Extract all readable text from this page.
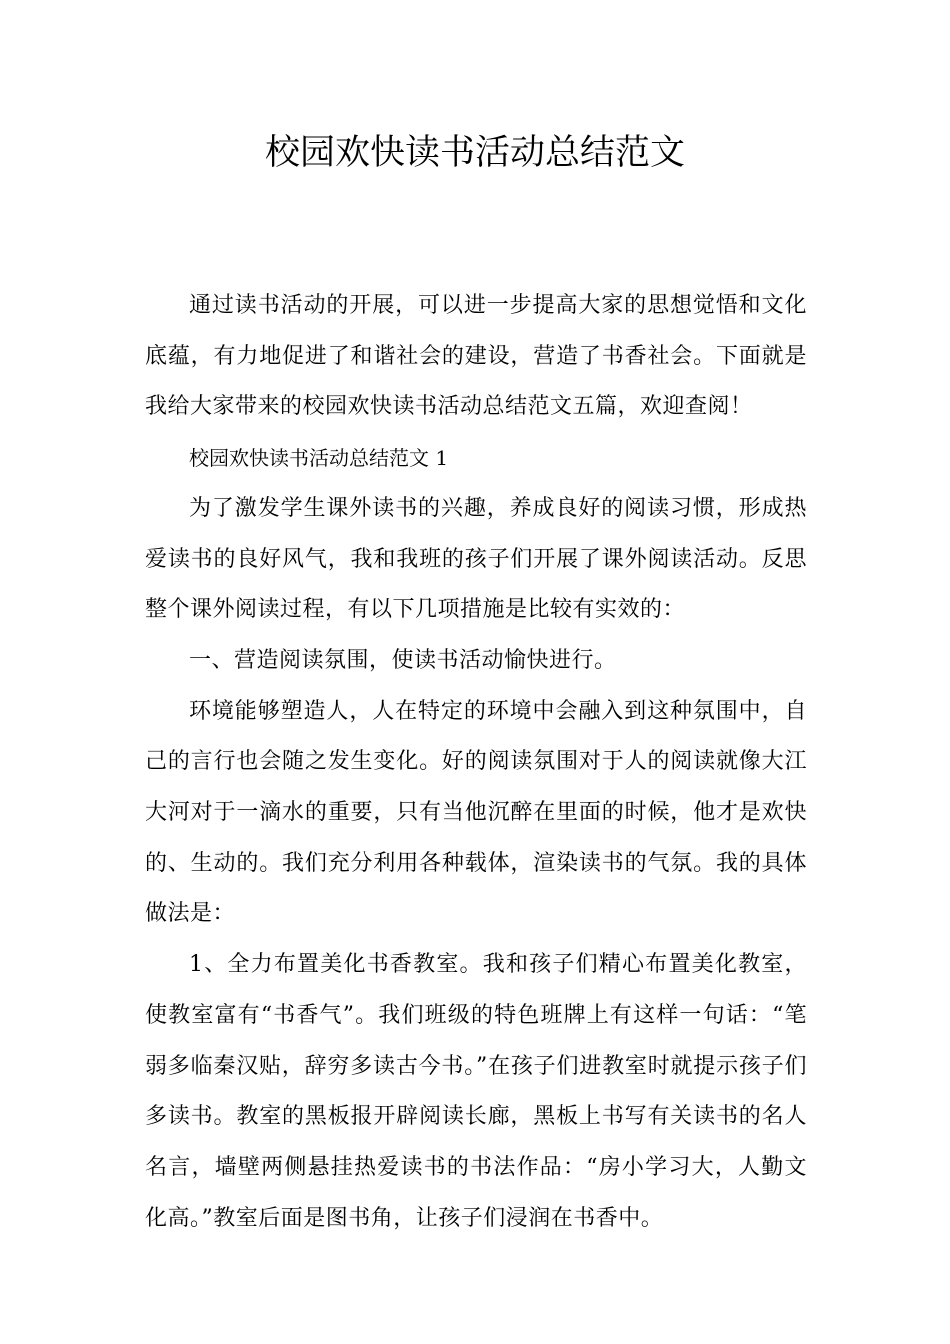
校园欢快读书活动总结范文

通过读书活动的开展，可以进一步提高大家的思想觉悟和文化底蕴，有力地促进了和谐社会的建设，营造了书香社会。下面就是我给大家带来的校园欢快读书活动总结范文五篇，欢迎查阅！

校园欢快读书活动总结范文 1

为了激发学生课外读书的兴趣，养成良好的阅读习惯，形成热爱读书的良好风气，我和我班的孩子们开展了课外阅读活动。反思整个课外阅读过程，有以下几项措施是比较有实效的：

一、营造阅读氛围，使读书活动愉快进行。

环境能够塑造人，人在特定的环境中会融入到这种氛围中，自己的言行也会随之发生变化。好的阅读氛围对于人的阅读就像大江大河对于一滴水的重要，只有当他沉醉在里面的时候，他才是欢快的、生动的。我们充分利用各种载体，渲染读书的气氛。我的具体做法是：

1、全力布置美化书香教室。我和孩子们精心布置美化教室，使教室富有“书香气”。我们班级的特色班牌上有这样一句话：“笔弱多临秦汉贴，辞穷多读古今书。”在孩子们进教室时就提示孩子们多读书。教室的黑板报开辟阅读长廊，黑板上书写有关读书的名人名言，墙壁两侧悬挂热爱读书的书法作品：“房小学习大，人勤文化高。”教室后面是图书角，让孩子们浸润在书香中。
